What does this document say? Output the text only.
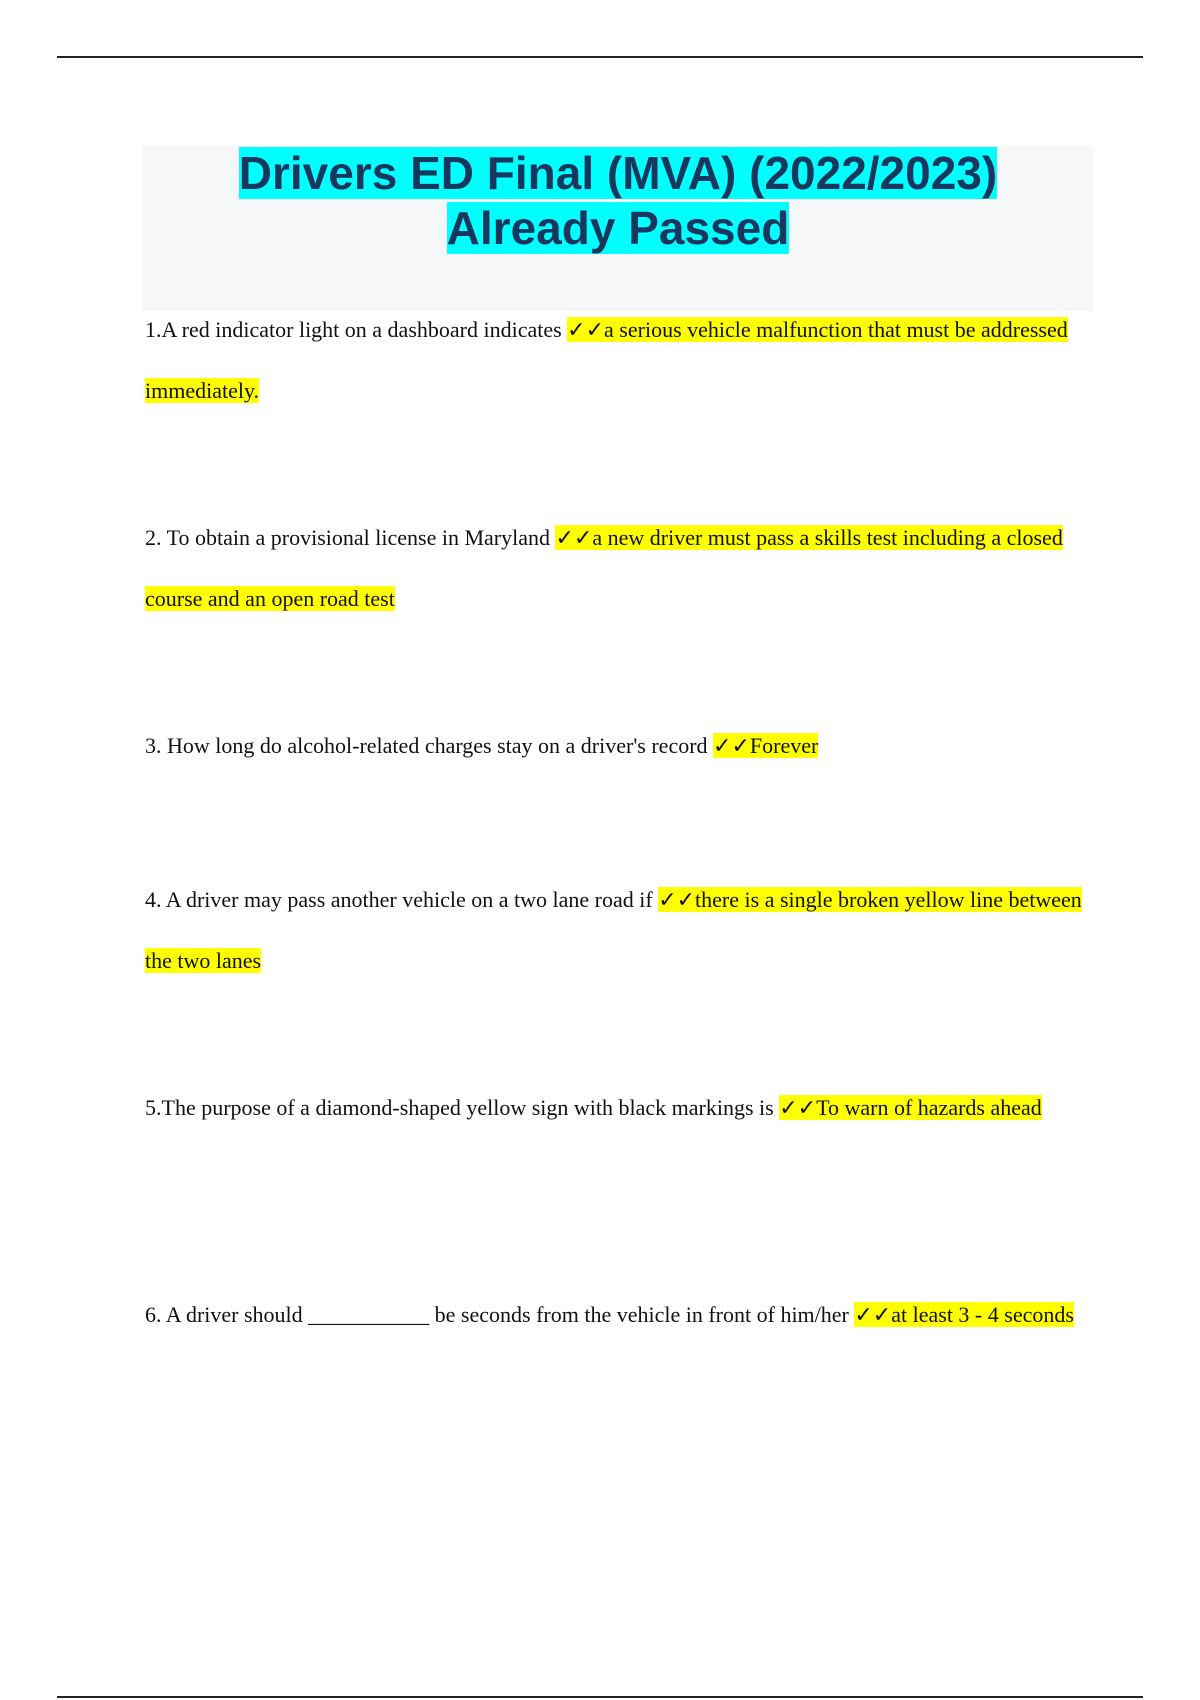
Drivers ED Final (MVA) (2022/2023)
Already Passed

1.A red indicator light on a dashboard indicates ✓✓a serious vehicle malfunction that must be addressed immediately.

2. To obtain a provisional license in Maryland ✓✓a new driver must pass a skills test including a closed course and an open road test

3. How long do alcohol-related charges stay on a driver's record ✓✓Forever

4. A driver may pass another vehicle on a two lane road if ✓✓there is a single broken yellow line between the two lanes

5.The purpose of a diamond-shaped yellow sign with black markings is ✓✓To warn of hazards ahead

6. A driver should ___________ be seconds from the vehicle in front of him/her ✓✓at least 3 - 4 seconds
